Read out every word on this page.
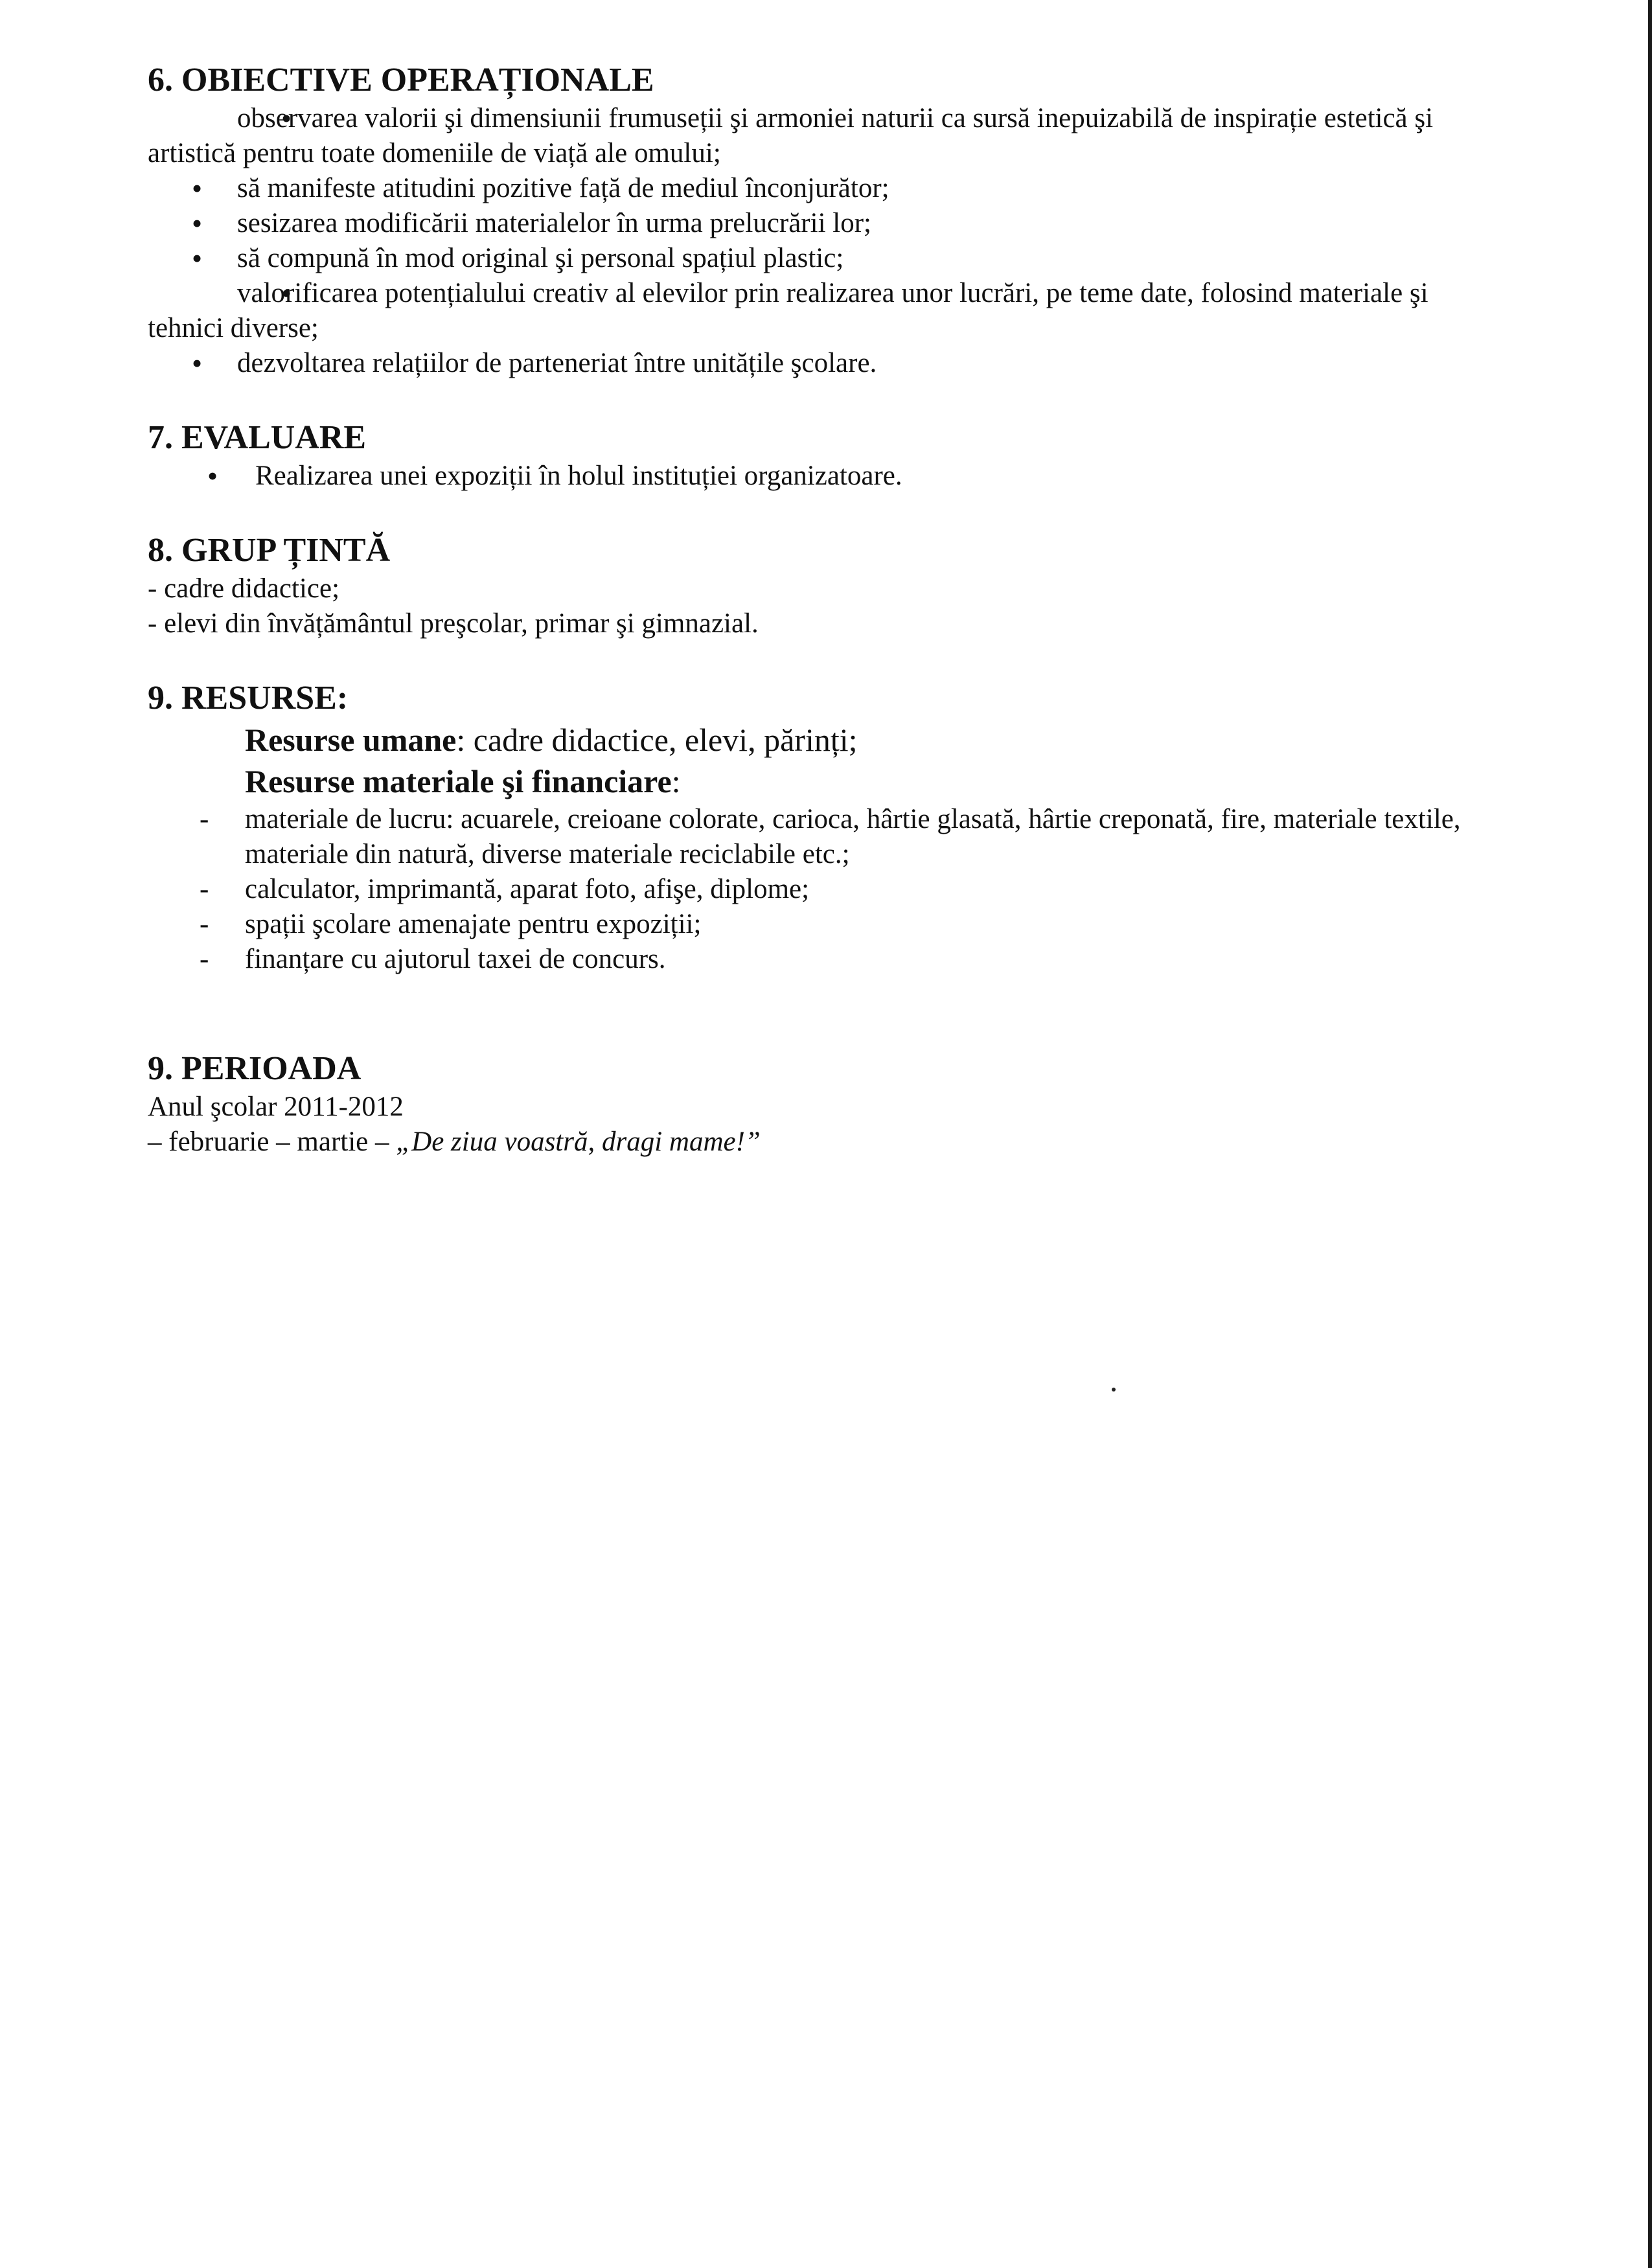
6. OBIECTIVE OPERAȚIONALE
• observarea valorii şi dimensiunii frumuseții şi armoniei naturii ca sursă inepuizabilă de inspirație estetică şi artistică pentru toate domeniile de viață ale omului;
• să manifeste atitudini pozitive față de mediul înconjurător;
• sesizarea modificării materialelor în urma prelucrării lor;
• să compună în mod original şi personal spațiul plastic;
• valorificarea potențialului creativ al elevilor prin realizarea unor lucrări, pe teme date, folosind materiale şi tehnici diverse;
• dezvoltarea relațiilor de parteneriat între unitățile şcolare.
7. EVALUARE
• Realizarea unei expoziții în holul instituției organizatoare.
8. GRUP ȚINTĂ

- cadre didactice;

- elevi din învățământul preşcolar, primar şi gimnazial.

9. RESURSE:

Resurse umane: cadre didactice, elevi, părinți;

Resurse materiale şi financiare:

- materiale de lucru: acuarele, creioane colorate, carioca, hârtie glasată, hârtie creponată, fire, materiale textile, materiale din natură, diverse materiale reciclabile etc.;
- calculator, imprimantă, aparat foto, afişe, diplome;
- spații şcolare amenajate pentru expoziții;
- finanțare cu ajutorul taxei de concurs.
9. PERIOADA

Anul şcolar 2011-2012

– februarie – martie – „De ziua voastră, dragi mame!”
